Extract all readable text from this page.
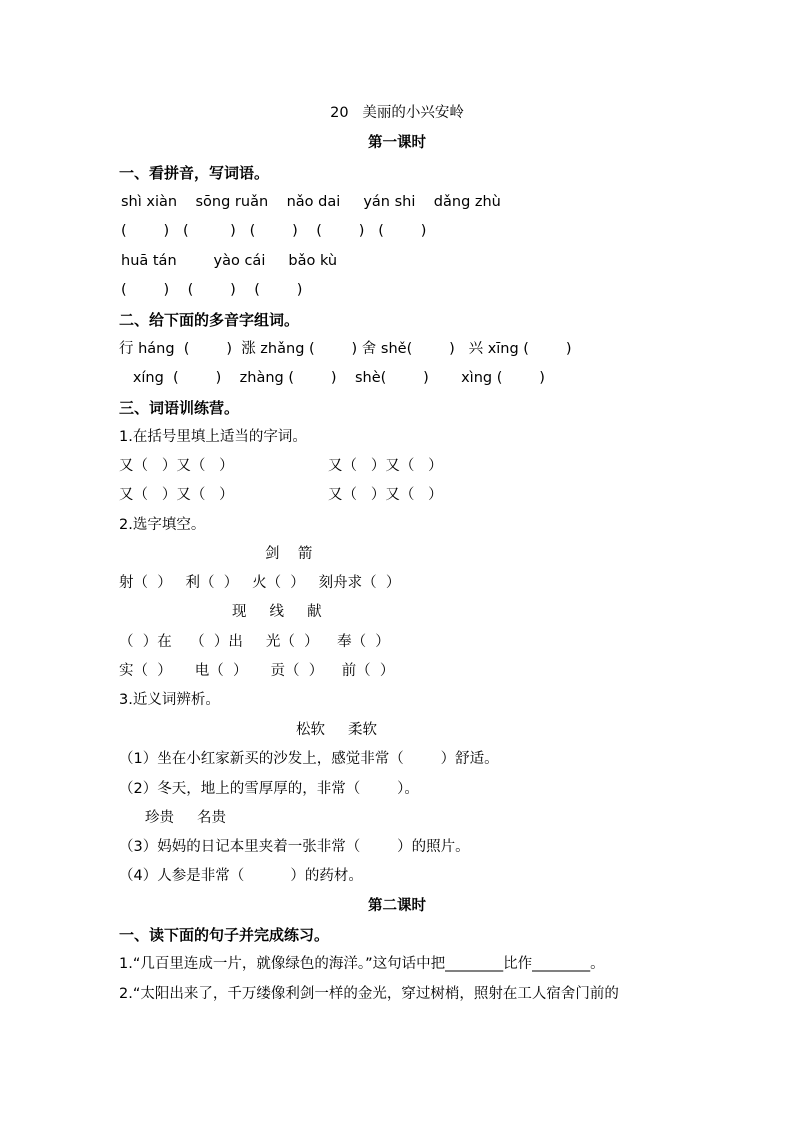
20   美丽的小兴安岭
第一课时
一、看拼音，写词语。
shì xiàn    sōng ruǎn    nǎo dai     yán shi    dǎng zhù
(        )   (         )   (        )    (        )   (        )
huā tán        yào cái     bǎo kù
(        )    (        )    (        )
二、给下面的多音字组词。
行 háng  (        )  涨 zhǎng (        ) 舍 shě(        )   兴 xīng (        )
xíng  (        )    zhàng (        )    shè(        )       xìng (        )
三、词语训练营。
1.在括号里填上适当的字词。
又（   ）又（   ）	又（   ）又（   ）
又（   ）又（   ）	又（   ）又（   ）
2.选字填空。
剑    箭
射（  ）   利（  ）   火（  ）   刻舟求（  ）
现     线     献
（  ）在    （  ）出     光（  ）    奉（  ）
实（  ）     电（  ）     贡（  ）    前（  ）
3.近义词辨析。
松软     柔软
（1）坐在小红家新买的沙发上，感觉非常（        ）舒适。
（2）冬天，地上的雪厚厚的，非常（        ）。
珍贵     名贵
（3）妈妈的日记本里夹着一张非常（        ）的照片。
（4）人参是非常（          ）的药材。
第二课时
一、读下面的句子并完成练习。
1.“几百里连成一片，就像绿色的海洋。”这句话中把________比作________。
2.“太阳出来了，千万缕像利剑一样的金光，穿过树梢，照射在工人宿舍门前的
